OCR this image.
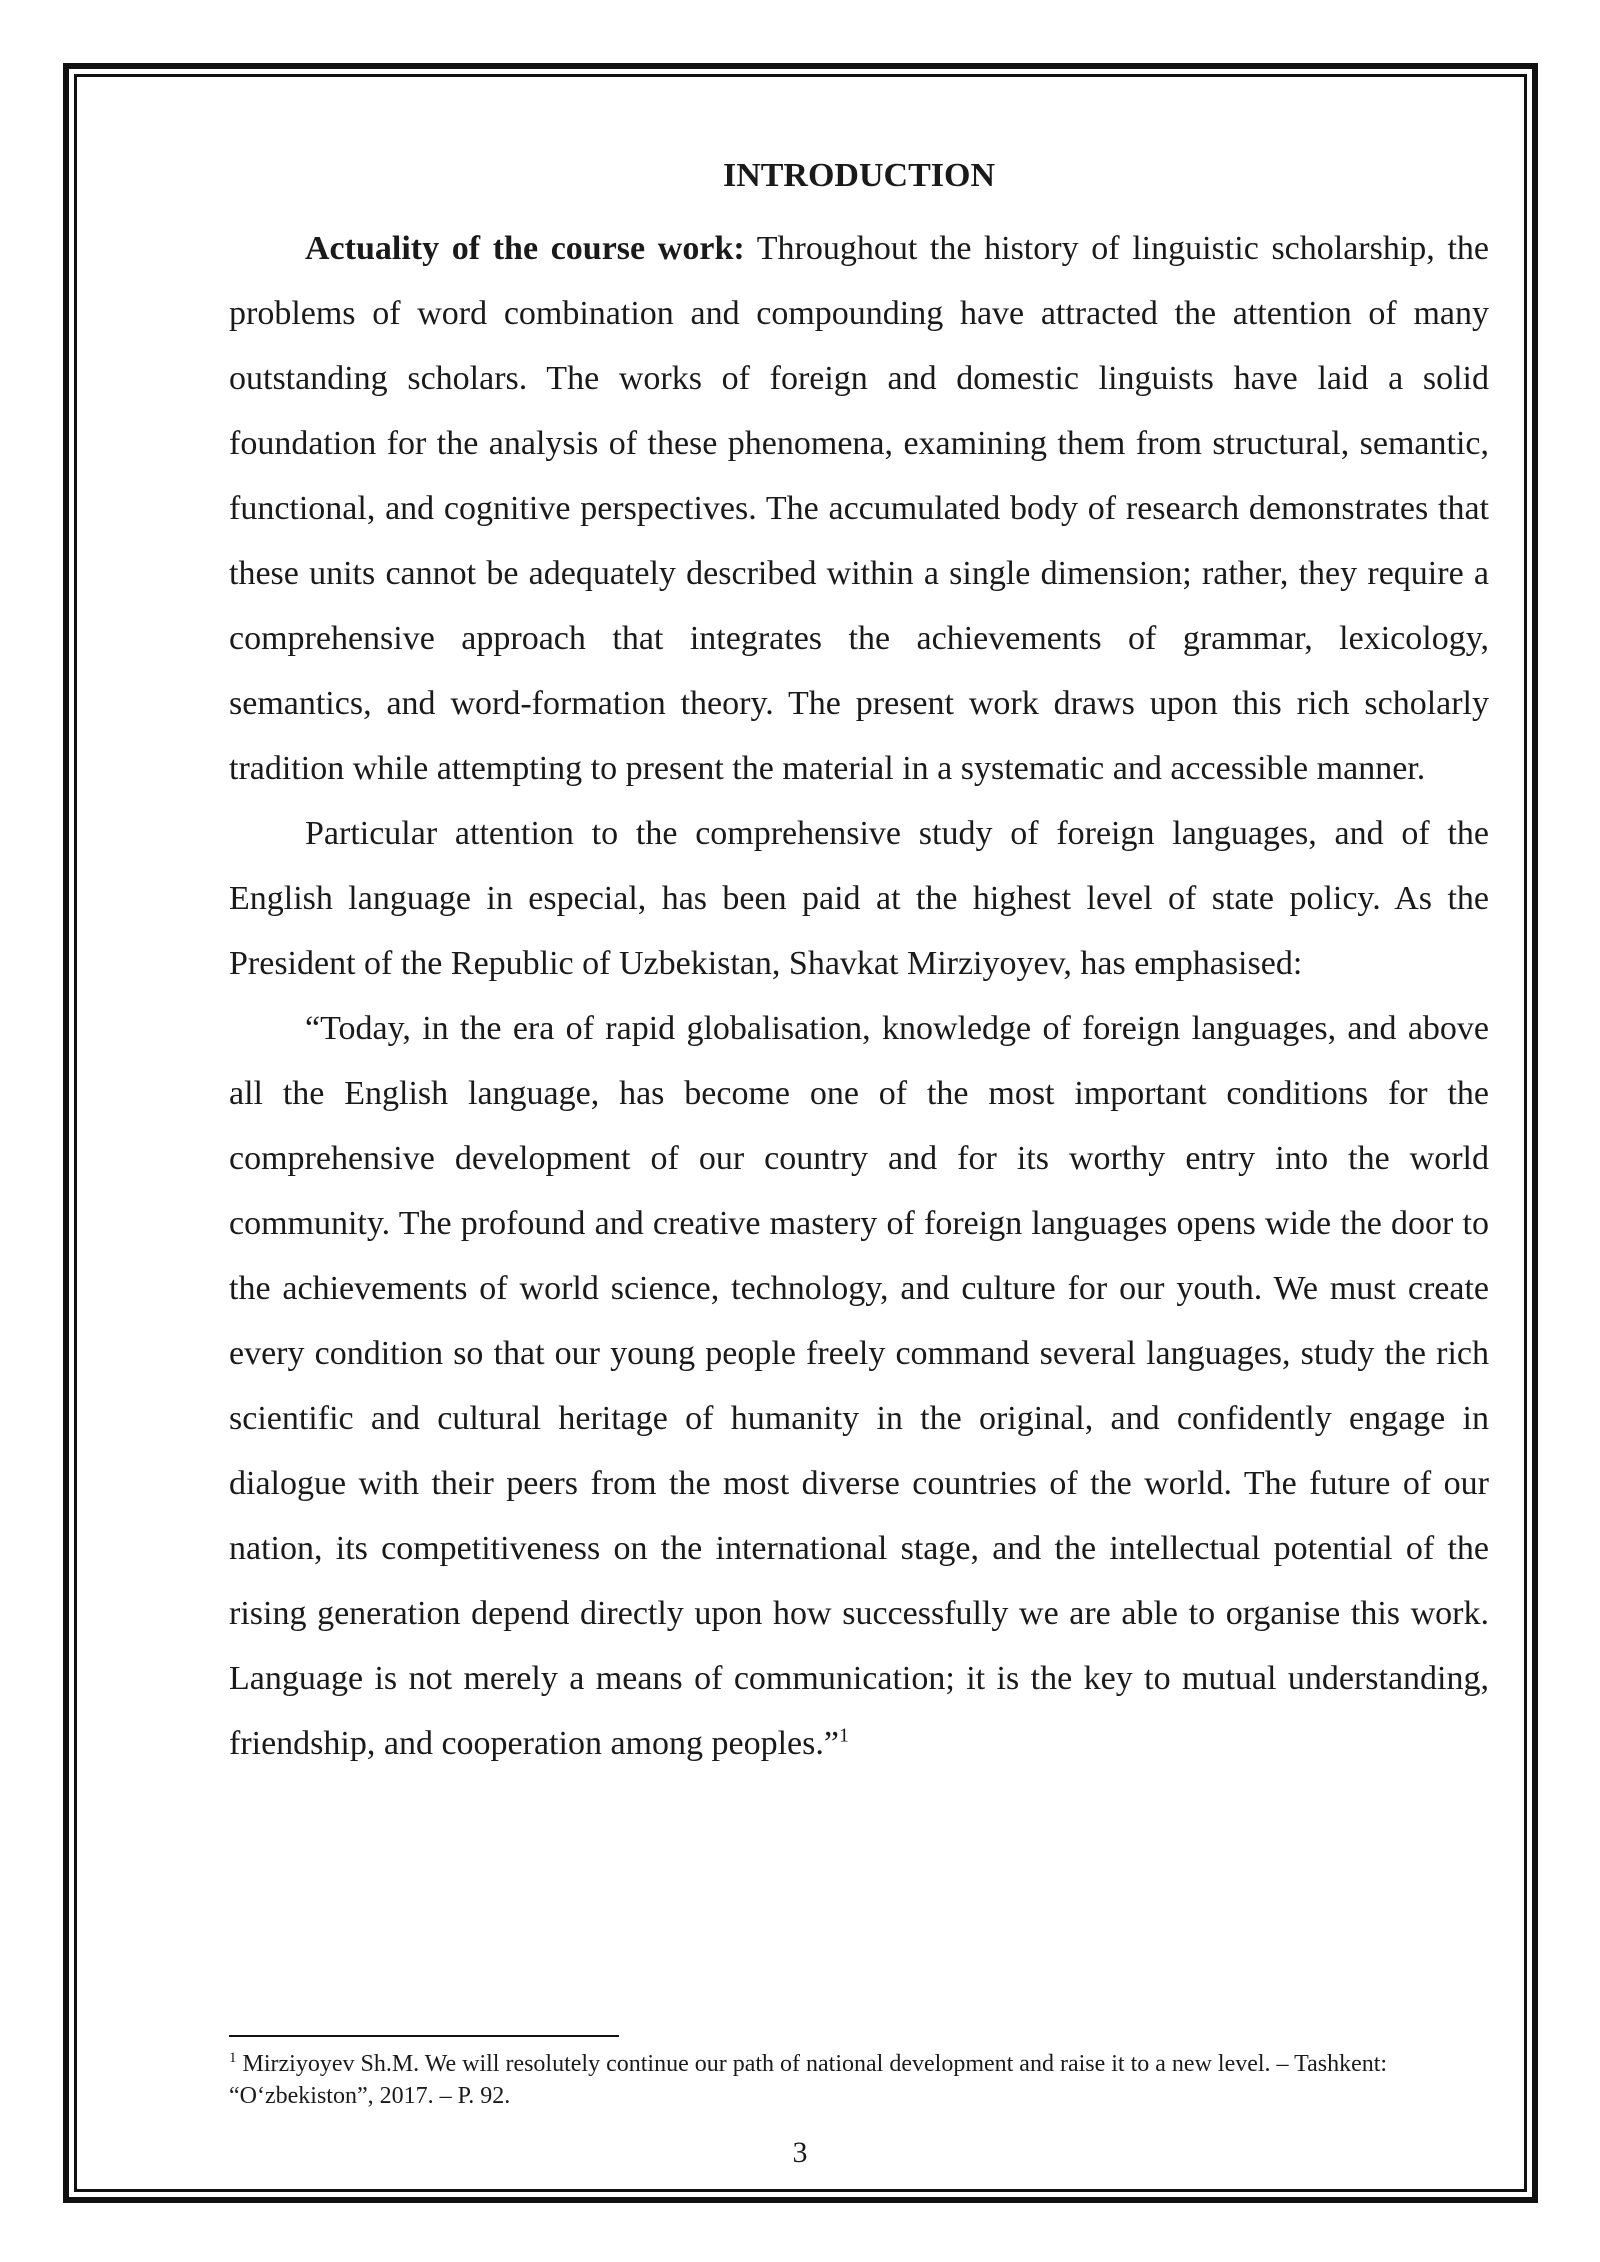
INTRODUCTION

Actuality of the course work: Throughout the history of linguistic scholarship, the problems of word combination and compounding have attracted the attention of many outstanding scholars. The works of foreign and domestic linguists have laid a solid foundation for the analysis of these phenomena, examining them from structural, semantic, functional, and cognitive perspectives. The accumulated body of research demonstrates that these units cannot be adequately described within a single dimension; rather, they require a comprehensive approach that integrates the achievements of grammar, lexicology, semantics, and word-formation theory. The present work draws upon this rich scholarly tradition while attempting to present the material in a systematic and accessible manner.

Particular attention to the comprehensive study of foreign languages, and of the English language in especial, has been paid at the highest level of state policy. As the President of the Republic of Uzbekistan, Shavkat Mirziyoyev, has emphasised:

“Today, in the era of rapid globalisation, knowledge of foreign languages, and above all the English language, has become one of the most important conditions for the comprehensive development of our country and for its worthy entry into the world community. The profound and creative mastery of foreign languages opens wide the door to the achievements of world science, technology, and culture for our youth. We must create every condition so that our young people freely command several languages, study the rich scientific and cultural heritage of humanity in the original, and confidently engage in dialogue with their peers from the most diverse countries of the world. The future of our nation, its competitiveness on the international stage, and the intellectual potential of the rising generation depend directly upon how successfully we are able to organise this work. Language is not merely a means of communication; it is the key to mutual understanding, friendship, and cooperation among peoples.”$^1$

$^1$ Mirziyoyev Sh.M. We will resolutely continue our path of national development and raise it to a new level. – Tashkent: “O‘zbekiston”, 2017. – P. 92.

3
